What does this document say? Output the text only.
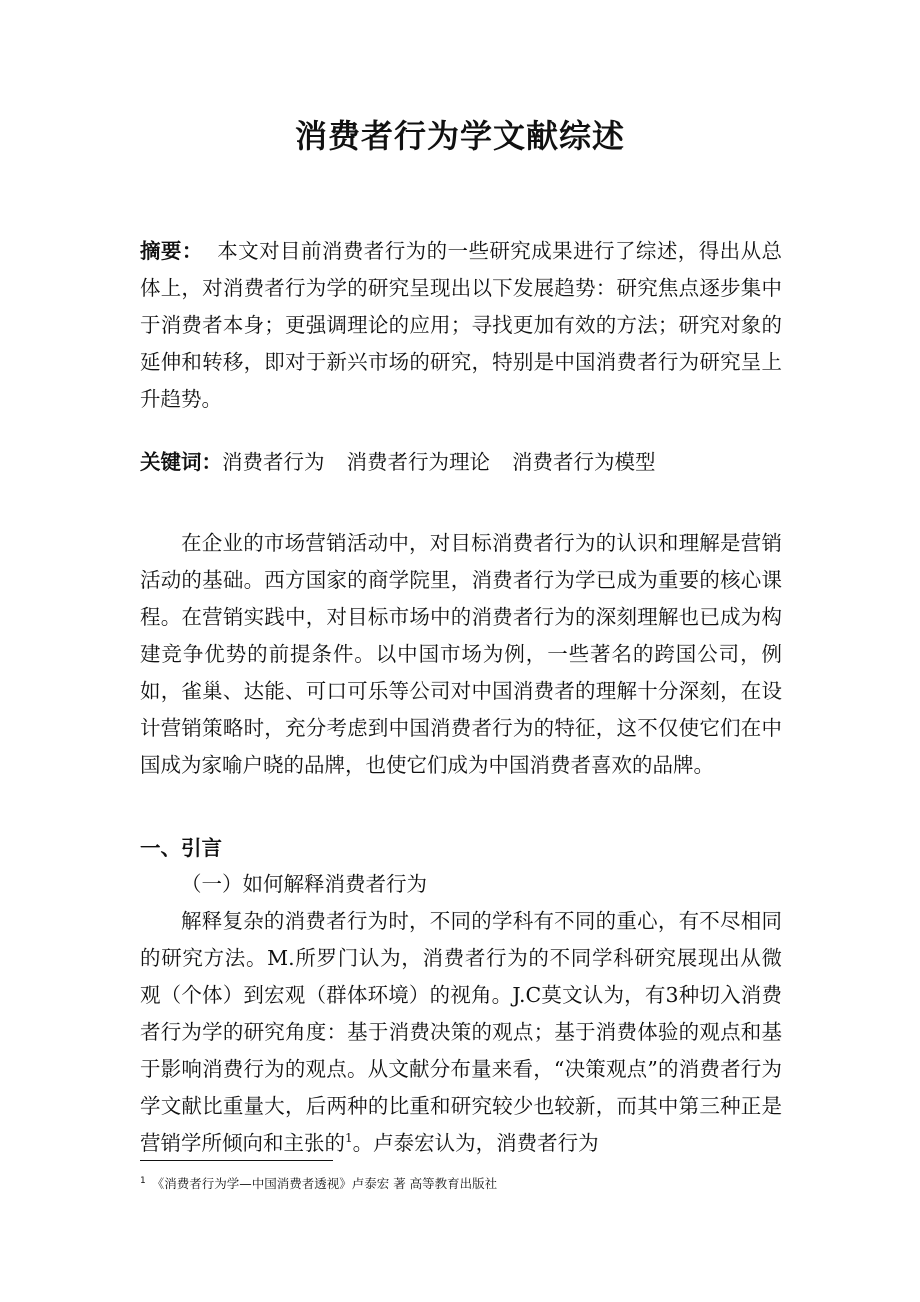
消费者行为学文献综述
摘要： 本文对目前消费者行为的一些研究成果进行了综述，得出从总体上，对消费者行为学的研究呈现出以下发展趋势：研究焦点逐步集中于消费者本身；更强调理论的应用；寻找更加有效的方法；研究对象的延伸和转移，即对于新兴市场的研究，特别是中国消费者行为研究呈上升趋势。
关键词：消费者行为 消费者行为理论 消费者行为模型

在企业的市场营销活动中，对目标消费者行为的认识和理解是营销活动的基础。西方国家的商学院里，消费者行为学已成为重要的核心课程。在营销实践中，对目标市场中的消费者行为的深刻理解也已成为构建竞争优势的前提条件。以中国市场为例，一些著名的跨国公司，例如，雀巢、达能、可口可乐等公司对中国消费者的理解十分深刻，在设计营销策略时，充分考虑到中国消费者行为的特征，这不仅使它们在中国成为家喻户晓的品牌，也使它们成为中国消费者喜欢的品牌。

一、引言
（一）如何解释消费者行为

解释复杂的消费者行为时，不同的学科有不同的重心，有不尽相同的研究方法。M.所罗门认为，消费者行为的不同学科研究展现出从微观（个体）到宏观（群体环境）的视角。J.C莫文认为，有3种切入消费者行为学的研究角度：基于消费决策的观点；基于消费体验的观点和基于影响消费行为的观点。从文献分布量来看，“决策观点”的消费者行为学文献比重量大，后两种的比重和研究较少也较新，而其中第三种正是营销学所倾向和主张的$^1$。卢泰宏认为，消费者行为

$^1$ 《消费者行为学—中国消费者透视》卢泰宏 著 高等教育出版社
